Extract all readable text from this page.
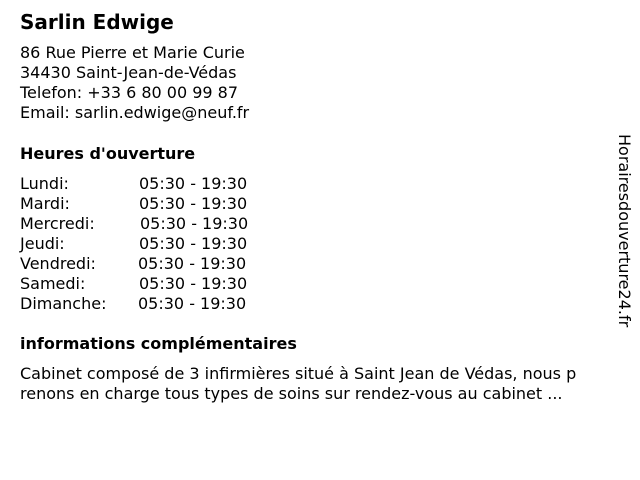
Sarlin Edwige
86 Rue Pierre et Marie Curie
34430 Saint-Jean-de-Védas
Telefon: +33 6 80 00 99 87
Email: sarlin.edwige@neuf.fr
Heures d'ouverture
Lundi:	05:30 - 19:30
Mardi:	05:30 - 19:30
Mercredi:	05:30 - 19:30
Jeudi:	05:30 - 19:30
Vendredi:	05:30 - 19:30
Samedi:	05:30 - 19:30
Dimanche: 05:30 - 19:30
informations complémentaires
Cabinet composé de 3 infirmières situé à Saint Jean de Védas, nous p
renons en charge tous types de soins sur rendez-vous au cabinet ...
Horairesdouverture24.fr
